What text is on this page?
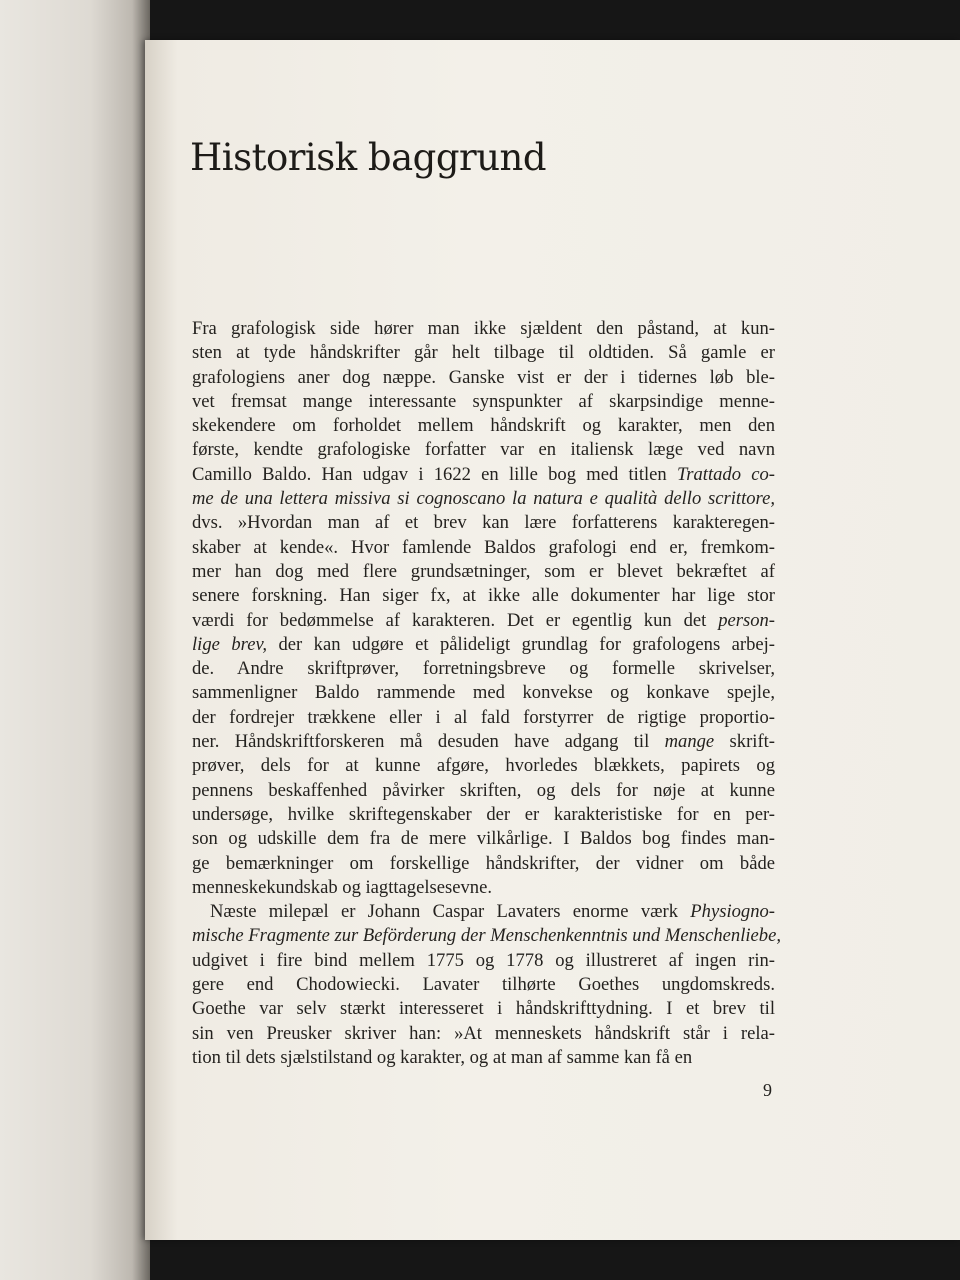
Historisk baggrund
Fra grafologisk side hører man ikke sjældent den påstand, at kun-
sten at tyde håndskrifter går helt tilbage til oldtiden. Så gamle er
grafologiens aner dog næppe. Ganske vist er der i tidernes løb ble-
vet fremsat mange interessante synspunkter af skarpsindige menne-
skekendere om forholdet mellem håndskrift og karakter, men den
første, kendte grafologiske forfatter var en italiensk læge ved navn
Camillo Baldo. Han udgav i 1622 en lille bog med titlen Trattado co-
me de una lettera missiva si cognoscano la natura e qualità dello scrittore,
dvs. »Hvordan man af et brev kan lære forfatterens karakteregen-
skaber at kende«. Hvor famlende Baldos grafologi end er, fremkom-
mer han dog med flere grundsætninger, som er blevet bekræftet af
senere forskning. Han siger fx, at ikke alle dokumenter har lige stor
værdi for bedømmelse af karakteren. Det er egentlig kun det person-
lige brev, der kan udgøre et pålideligt grundlag for grafologens arbej-
de. Andre skriftprøver, forretningsbreve og formelle skrivelser,
sammenligner Baldo rammende med konvekse og konkave spejle,
der fordrejer trækkene eller i al fald forstyrrer de rigtige proportio-
ner. Håndskriftforskeren må desuden have adgang til mange skrift-
prøver, dels for at kunne afgøre, hvorledes blækkets, papirets og
pennens beskaffenhed påvirker skriften, og dels for nøje at kunne
undersøge, hvilke skriftegenskaber der er karakteristiske for en per-
son og udskille dem fra de mere vilkårlige. I Baldos bog findes man-
ge bemærkninger om forskellige håndskrifter, der vidner om både
menneskekundskab og iagttagelsesevne.
Næste milepæl er Johann Caspar Lavaters enorme værk Physiogno-
mische Fragmente zur Beförderung der Menschenkenntnis und Menschenliebe,
udgivet i fire bind mellem 1775 og 1778 og illustreret af ingen rin-
gere end Chodowiecki. Lavater tilhørte Goethes ungdomskreds.
Goethe var selv stærkt interesseret i håndskrifttydning. I et brev til
sin ven Preusker skriver han: »At menneskets håndskrift står i rela-
tion til dets sjælstilstand og karakter, og at man af samme kan få en
9
